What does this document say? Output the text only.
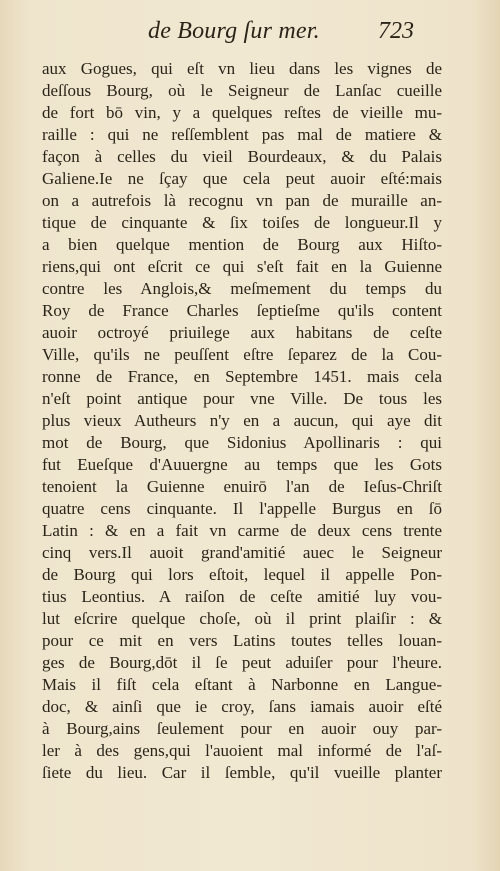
de Bourg ſur mer. 723
aux Gogues, qui eſt vn lieu dans les vignes de
deſſous Bourg, où le Seigneur de Lanſac cueille
de fort bō vin, y a quelques reſtes de vieille mu-
raille : qui ne reſſemblent pas mal de matiere &
façon à celles du vieil Bourdeaux, & du Palais
Galiene.Ie ne ſçay que cela peut auoir eſté:mais
on a autrefois là recognu vn pan de muraille an-
tique de cinquante & ſix toiſes de longueur.Il y
a bien quelque mention de Bourg aux Hiſto-
riens,qui ont eſcrit ce qui s'eſt fait en la Guienne
contre les Anglois,& meſmement du temps du
Roy de France Charles ſeptieſme qu'ils content
auoir octroyé priuilege aux habitans de ceſte
Ville, qu'ils ne peuſſent eſtre ſeparez de la Cou-
ronne de France, en Septembre 1451. mais cela
n'eſt point antique pour vne Ville. De tous les
plus vieux Autheurs n'y en a aucun, qui aye dit
mot de Bourg, que Sidonius Apollinaris : qui
fut Eueſque d'Auuergne au temps que les Gots
tenoient la Guienne enuirō l'an de Ieſus-Chriſt
quatre cens cinquante. Il l'appelle Burgus en ſō
Latin : & en a fait vn carme de deux cens trente
cinq vers.Il auoit grand'amitié auec le Seigneur
de Bourg qui lors eſtoit, lequel il appelle Pon-
tius Leontius. A raiſon de ceſte amitié luy vou-
lut eſcrire quelque choſe, où il print plaiſir : &
pour ce mit en vers Latins toutes telles louan-
ges de Bourg,dōt il ſe peut aduiſer pour l'heure.
Mais il fiſt cela eſtant à Narbonne en Langue-
doc, & ainſi que ie croy, ſans iamais auoir eſté
à Bourg,ains ſeulement pour en auoir ouy par-
ler à des gens,qui l'auoient mal informé de l'aſ-
ſiete du lieu. Car il ſemble, qu'il vueille planter
